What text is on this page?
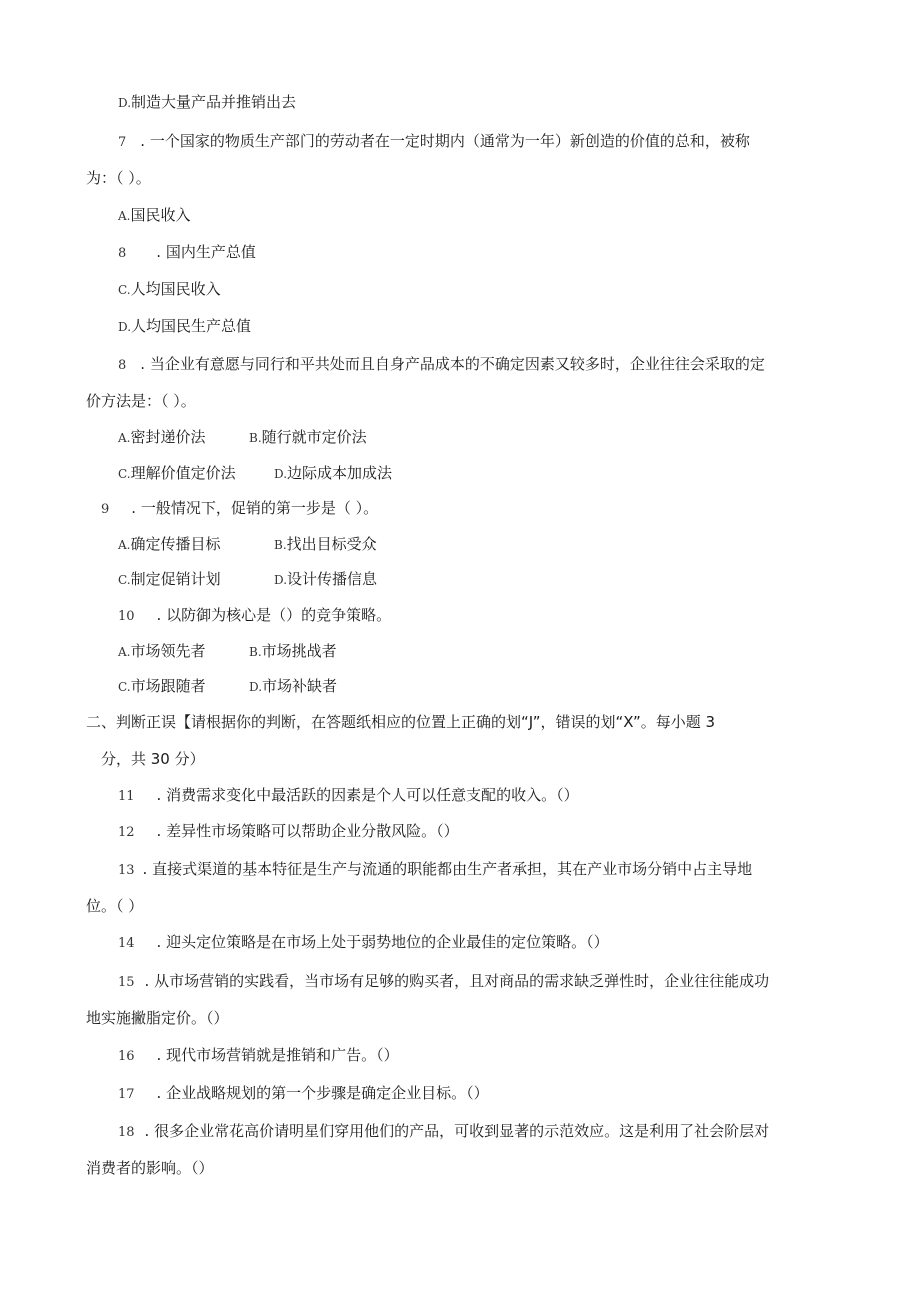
D.制造大量产品并推销出去
7 . 一个国家的物质生产部门的劳动者在一定时期内（通常为一年）新创造的价值的总和，被称
为：（ ）。
A.国民收入
8 . 国内生产总值
C.人均国民收入
D.人均国民生产总值
8 . 当企业有意愿与同行和平共处而且自身产品成本的不确定因素又较多时，企业往往会采取的定
价方法是：（ ）。
A.密封递价法	B.随行就市定价法
C.理解价值定价法	D.边际成本加成法
9 . 一般情况下，促销的第一步是（ ）。
A.确定传播目标	B.找出目标受众
C.制定促销计划	D.设计传播信息
10 . 以防御为核心是（）的竞争策略。
A.市场领先者	B.市场挑战者
C.市场跟随者	D.市场补缺者
二、判断正误【请根据你的判断，在答题纸相应的位置上正确的划“J”，错误的划“X”。每小题 3
分，共 30 分）
11 . 消费需求变化中最活跃的因素是个人可以任意支配的收入。（）
12 . 差异性市场策略可以帮助企业分散风险。（）
13 . 直接式渠道的基本特征是生产与流通的职能都由生产者承担，其在产业市场分销中占主导地
位。（ ）
14 . 迎头定位策略是在市场上处于弱势地位的企业最佳的定位策略。（）
15 . 从市场营销的实践看，当市场有足够的购买者，且对商品的需求缺乏弹性时，企业往往能成功
地实施撇脂定价。（）
16 . 现代市场营销就是推销和广告。（）
17 . 企业战略规划的第一个步骤是确定企业目标。（）
18 . 很多企业常花高价请明星们穿用他们的产品，可收到显著的示范效应。这是利用了社会阶层对
消费者的影响。（）
